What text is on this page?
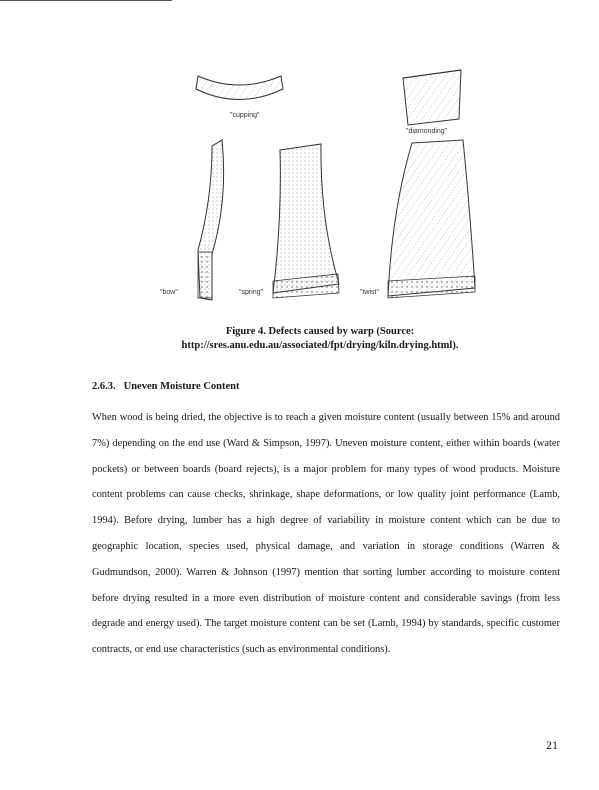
"cupping"
"diamonding"
"bow"	"spring"	"twist"
Figure 4. Defects caused by warp (Source:
http://sres.anu.edu.au/associated/fpt/drying/kiln.drying.html).
2.6.3. Uneven Moisture Content

When wood is being dried, the objective is to reach a given moisture content (usually between 15% and around 7%) depending on the end use (Ward & Simpson, 1997). Uneven moisture content, either within boards (water pockets) or between boards (board rejects), is a major problem for many types of wood products. Moisture content problems can cause checks, shrinkage, shape deformations, or low quality joint performance (Lamb, 1994). Before drying, lumber has a high degree of variability in moisture content which can be due to geographic location, species used, physical damage, and variation in storage conditions (Warren & Gudmundson, 2000). Warren & Johnson (1997) mention that sorting lumber according to moisture content before drying resulted in a more even distribution of moisture content and considerable savings (from less degrade and energy used). The target moisture content can be set (Lamb, 1994) by standards, specific customer contracts, or end use characteristics (such as environmental conditions).

21
